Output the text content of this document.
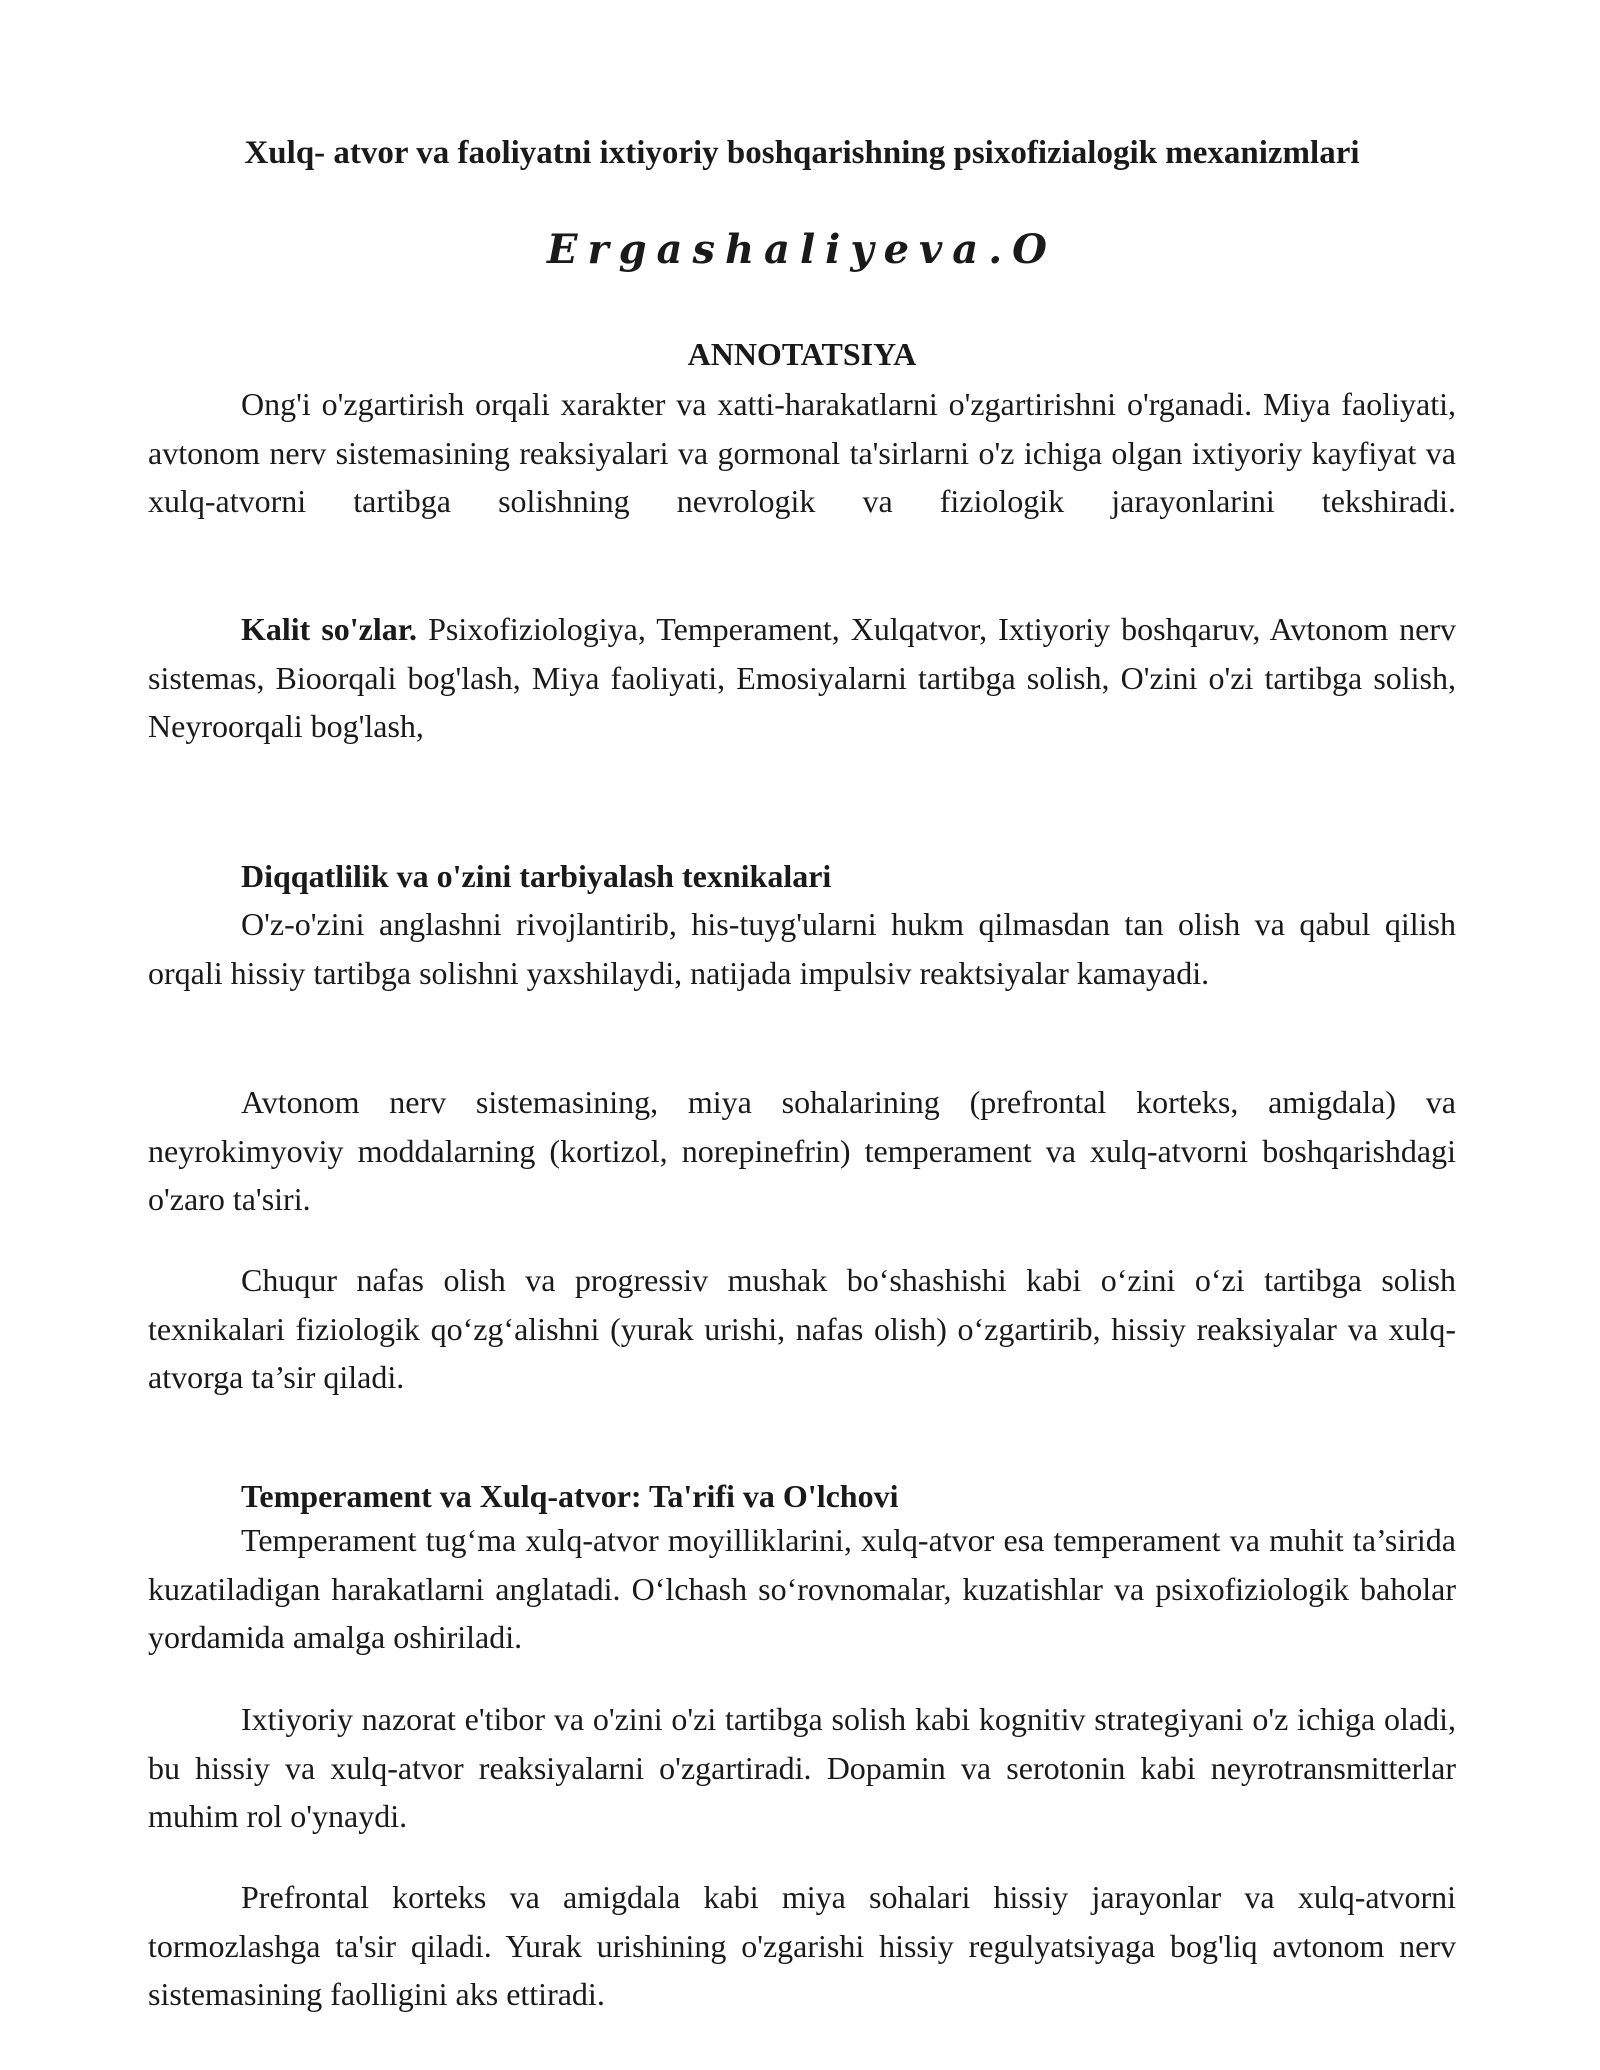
Xulq- atvor va faoliyatni ixtiyoriy boshqarishning psixofizialogik mexanizmlari
Ergashaliyeva.O
ANNOTATSIYA

Ong'i o'zgartirish orqali xarakter va xatti-harakatlarni o'zgartirishni o'rganadi. Miya faoliyati, avtonom nerv sistemasining reaksiyalari va gormonal ta'sirlarni o'z ichiga olgan ixtiyoriy kayfiyat va xulq-atvorni tartibga solishning nevrologik va fiziologik jarayonlarini tekshiradi.

Kalit so'zlar. Psixofiziologiya, Temperament, Xulqatvor, Ixtiyoriy boshqaruv, Avtonom nerv sistemas, Bioorqali bog'lash, Miya faoliyati, Emosiyalarni tartibga solish, O'zini o'zi tartibga solish, Neyroorqali bog'lash,

Diqqatlilik va o'zini tarbiyalash texnikalari

O'z-o'zini anglashni rivojlantirib, his-tuyg'ularni hukm qilmasdan tan olish va qabul qilish orqali hissiy tartibga solishni yaxshilaydi, natijada impulsiv reaktsiyalar kamayadi.

Avtonom nerv sistemasining, miya sohalarining (prefrontal korteks, amigdala) va neyrokimyoviy moddalarning (kortizol, norepinefrin) temperament va xulq-atvorni boshqarishdagi o'zaro ta'siri.

Chuqur nafas olish va progressiv mushak bo‘shashishi kabi o‘zini o‘zi tartibga solish texnikalari fiziologik qo‘zg‘alishni (yurak urishi, nafas olish) o‘zgartirib, hissiy reaksiyalar va xulq-atvorga ta’sir qiladi.

Temperament va Xulq-atvor: Ta'rifi va O'lchovi

Temperament tug‘ma xulq-atvor moyilliklarini, xulq-atvor esa temperament va muhit ta’sirida kuzatiladigan harakatlarni anglatadi. O‘lchash so‘rovnomalar, kuzatishlar va psixofiziologik baholar yordamida amalga oshiriladi.

Ixtiyoriy nazorat e'tibor va o'zini o'zi tartibga solish kabi kognitiv strategiyani o'z ichiga oladi, bu hissiy va xulq-atvor reaksiyalarni o'zgartiradi. Dopamin va serotonin kabi neyrotransmitterlar muhim rol o'ynaydi.

Prefrontal korteks va amigdala kabi miya sohalari hissiy jarayonlar va xulq-atvorni tormozlashga ta'sir qiladi. Yurak urishining o'zgarishi hissiy regulyatsiyaga bog'liq avtonom nerv sistemasining faolligini aks ettiradi.
